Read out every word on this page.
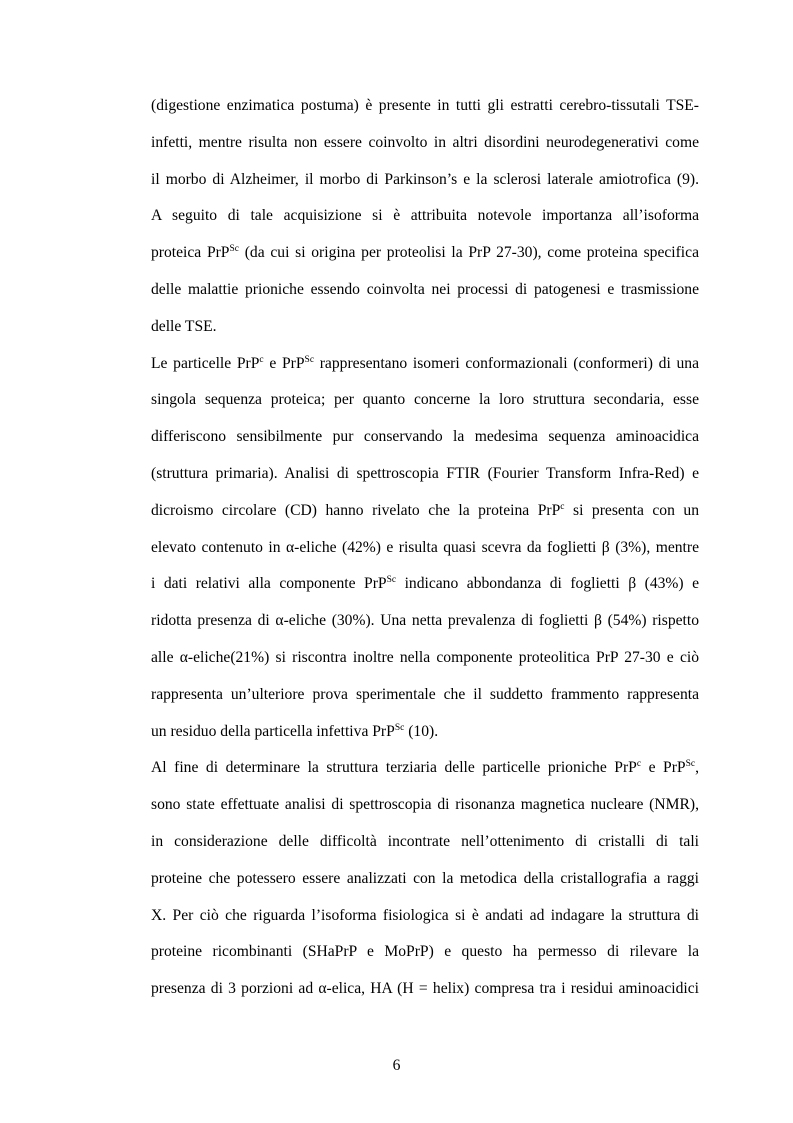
(digestione enzimatica postuma) è presente in tutti gli estratti cerebro-tissutali TSE-
infetti, mentre risulta non essere coinvolto in altri disordini neurodegenerativi come
il morbo di Alzheimer, il morbo di Parkinson’s e la sclerosi laterale amiotrofica (9).
A seguito di tale acquisizione si è attribuita notevole importanza all’isoforma
proteica PrP$^{Sc}$ (da cui si origina per proteolisi la PrP 27-30), come proteina specifica
delle malattie prioniche essendo coinvolta nei processi di patogenesi e trasmissione
delle TSE.
Le particelle PrP$^c$ e PrP$^{Sc}$ rappresentano isomeri conformazionali (conformeri) di una
singola sequenza proteica; per quanto concerne la loro struttura secondaria, esse
differiscono sensibilmente pur conservando la medesima sequenza aminoacidica
(struttura primaria). Analisi di spettroscopia FTIR (Fourier Transform Infra-Red) e
dicroismo circolare (CD) hanno rivelato che la proteina PrP$^c$ si presenta con un
elevato contenuto in α-eliche (42%) e risulta quasi scevra da foglietti β (3%), mentre
i dati relativi alla componente PrP$^{Sc}$ indicano abbondanza di foglietti β (43%) e
ridotta presenza di α-eliche (30%). Una netta prevalenza di foglietti β (54%) rispetto
alle α-eliche(21%) si riscontra inoltre nella componente proteolitica PrP 27-30 e ciò
rappresenta un’ulteriore prova sperimentale che il suddetto frammento rappresenta
un residuo della particella infettiva PrP$^{Sc}$ (10).
Al fine di determinare la struttura terziaria delle particelle prioniche PrP$^c$ e PrP$^{Sc}$,
sono state effettuate analisi di spettroscopia di risonanza magnetica nucleare (NMR),
in considerazione delle difficoltà incontrate nell’ottenimento di cristalli di tali
proteine che potessero essere analizzati con la metodica della cristallografia a raggi
X. Per ciò che riguarda l’isoforma fisiologica si è andati ad indagare la struttura di
proteine ricombinanti (SHaPrP e MoPrP) e questo ha permesso di rilevare la
presenza di 3 porzioni ad α-elica, HA (H = helix) compresa tra i residui aminoacidici
6
